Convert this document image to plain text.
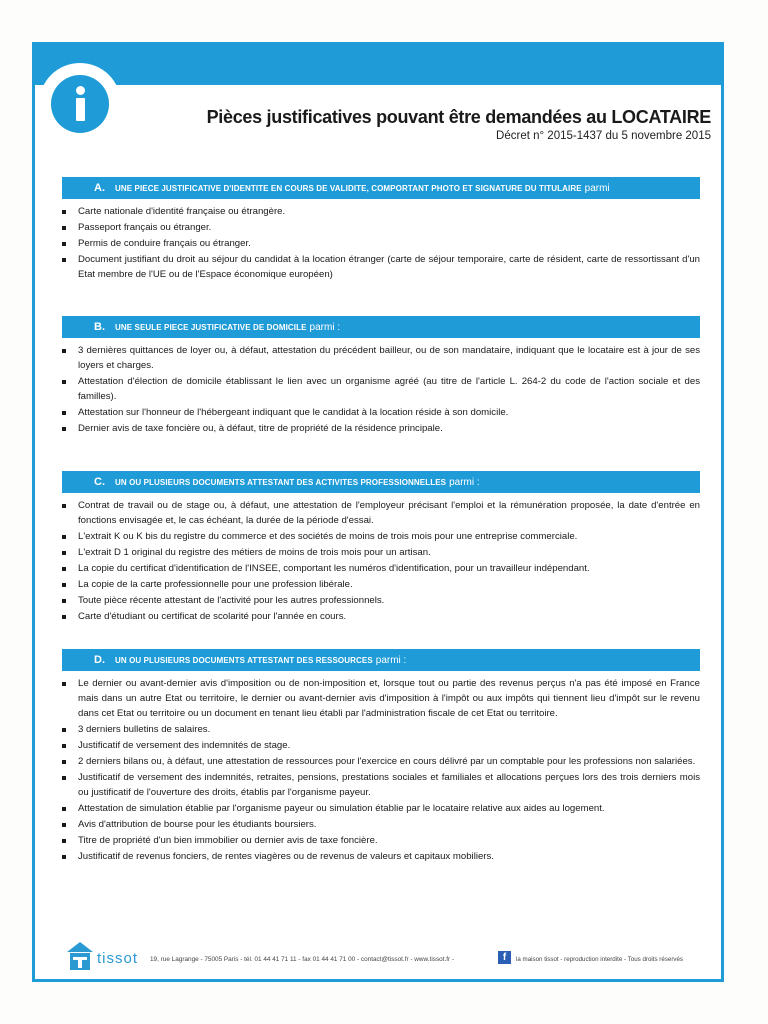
LOCATION HABITATION RESIDENCE PRINCIPALE
Pièces justificatives pouvant être demandées au LOCATAIRE
Décret n° 2015-1437 du 5 novembre 2015
A. UNE PIECE JUSTIFICATIVE D'IDENTITE EN COURS DE VALIDITE, COMPORTANT PHOTO ET SIGNATURE DU TITULAIRE parmi
Carte nationale d'identité française ou étrangère.
Passeport français ou étranger.
Permis de conduire français ou étranger.
Document justifiant du droit au séjour du candidat à la location étranger (carte de séjour temporaire, carte de résident, carte de ressortissant d'un Etat membre de l'UE ou de l'Espace économique européen)
B. UNE SEULE PIECE JUSTIFICATIVE DE DOMICILE parmi :
3 dernières quittances de loyer ou, à défaut, attestation du précédent bailleur, ou de son mandataire, indiquant que le locataire est à jour de ses loyers et charges.
Attestation d'élection de domicile établissant le lien avec un organisme agréé (au titre de l'article L. 264-2 du code de l'action sociale et des familles).
Attestation sur l'honneur de l'hébergeant indiquant que le candidat à la location réside à son domicile.
Dernier avis de taxe foncière ou, à défaut, titre de propriété de la résidence principale.
C. UN OU PLUSIEURS DOCUMENTS ATTESTANT DES ACTIVITES PROFESSIONNELLES parmi :
Contrat de travail ou de stage ou, à défaut, une attestation de l'employeur précisant l'emploi et la rémunération proposée, la date d'entrée en fonctions envisagée et, le cas échéant, la durée de la période d'essai.
L'extrait K ou K bis du registre du commerce et des sociétés de moins de trois mois pour une entreprise commerciale.
L'extrait D 1 original du registre des métiers de moins de trois mois pour un artisan.
La copie du certificat d'identification de l'INSEE, comportant les numéros d'identification, pour un travailleur indépendant.
La copie de la carte professionnelle pour une profession libérale.
Toute pièce récente attestant de l'activité pour les autres professionnels.
Carte d'étudiant ou certificat de scolarité pour l'année en cours.
D. UN OU PLUSIEURS DOCUMENTS ATTESTANT DES RESSOURCES parmi :
Le dernier ou avant-dernier avis d'imposition ou de non-imposition et, lorsque tout ou partie des revenus perçus n'a pas été imposé en France mais dans un autre Etat ou territoire, le dernier ou avant-dernier avis d'imposition à l'impôt ou aux impôts qui tiennent lieu d'impôt sur le revenu dans cet Etat ou territoire ou un document en tenant lieu établi par l'administration fiscale de cet Etat ou territoire.
3 derniers bulletins de salaires.
Justificatif de versement des indemnités de stage.
2 derniers bilans ou, à défaut, une attestation de ressources pour l'exercice en cours délivré par un comptable pour les professions non salariées.
Justificatif de versement des indemnités, retraites, pensions, prestations sociales et familiales et allocations perçues lors des trois derniers mois ou justificatif de l'ouverture des droits, établis par l'organisme payeur.
Attestation de simulation établie par l'organisme payeur ou simulation établie par le locataire relative aux aides au logement.
Avis d'attribution de bourse pour les étudiants boursiers.
Titre de propriété d'un bien immobilier ou dernier avis de taxe foncière.
Justificatif de revenus fonciers, de rentes viagères ou de revenus de valeurs et capitaux mobiliers.
tissot 19, rue Lagrange - 75005 Paris - tél. 01 44 41 71 11 - fax 01 44 41 71 00 - contact@tissot.fr - www.tissot.fr -	f	la maison tissot - reproduction interdite - Tous droits réservés
